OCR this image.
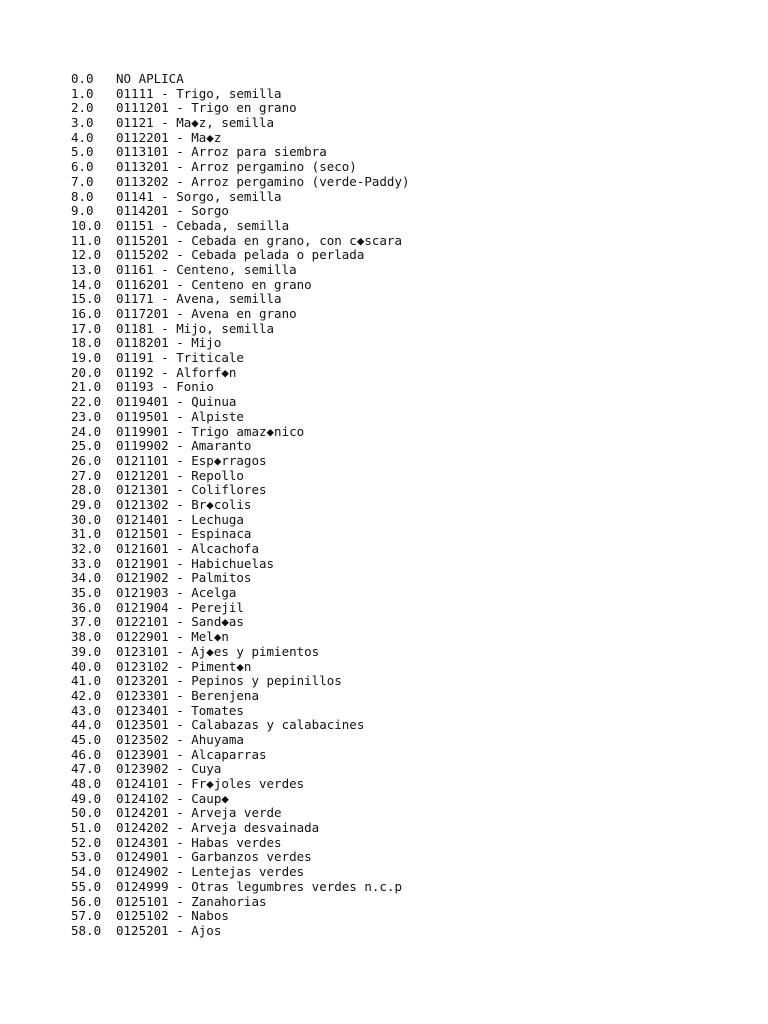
0.0	NO APLICA
1.0	01111 - Trigo, semilla
2.0	0111201 - Trigo en grano
3.0	01121 - Ma◆z, semilla
4.0	0112201 - Ma◆z
5.0	0113101 - Arroz para siembra
6.0	0113201 - Arroz pergamino (seco)
7.0	0113202 - Arroz pergamino (verde-Paddy)
8.0	01141 - Sorgo, semilla
9.0	0114201 - Sorgo
10.0	01151 - Cebada, semilla
11.0	0115201 - Cebada en grano, con c◆scara
12.0	0115202 - Cebada pelada o perlada
13.0	01161 - Centeno, semilla
14.0	0116201 - Centeno en grano
15.0	01171 - Avena, semilla
16.0	0117201 - Avena en grano
17.0	01181 - Mijo, semilla
18.0	0118201 - Mijo
19.0	01191 - Triticale
20.0	01192 - Alforf◆n
21.0	01193 - Fonio
22.0	0119401 - Quinua
23.0	0119501 - Alpiste
24.0	0119901 - Trigo amaz◆nico
25.0	0119902 - Amaranto
26.0	0121101 - Esp◆rragos
27.0	0121201 - Repollo
28.0	0121301 - Coliflores
29.0	0121302 - Br◆colis
30.0	0121401 - Lechuga
31.0	0121501 - Espinaca
32.0	0121601 - Alcachofa
33.0	0121901 - Habichuelas
34.0	0121902 - Palmitos
35.0	0121903 - Acelga
36.0	0121904 - Perejil
37.0	0122101 - Sand◆as
38.0	0122901 - Mel◆n
39.0	0123101 - Aj◆es y pimientos
40.0	0123102 - Piment◆n
41.0	0123201 - Pepinos y pepinillos
42.0	0123301 - Berenjena
43.0	0123401 - Tomates
44.0	0123501 - Calabazas y calabacines
45.0	0123502 - Ahuyama
46.0	0123901 - Alcaparras
47.0	0123902 - Cuya
48.0	0124101 - Fr◆joles verdes
49.0	0124102 - Caup◆
50.0	0124201 - Arveja verde
51.0	0124202 - Arveja desvainada
52.0	0124301 - Habas verdes
53.0	0124901 - Garbanzos verdes
54.0	0124902 - Lentejas verdes
55.0	0124999 - Otras legumbres verdes n.c.p
56.0	0125101 - Zanahorias
57.0	0125102 - Nabos
58.0	0125201 - Ajos
